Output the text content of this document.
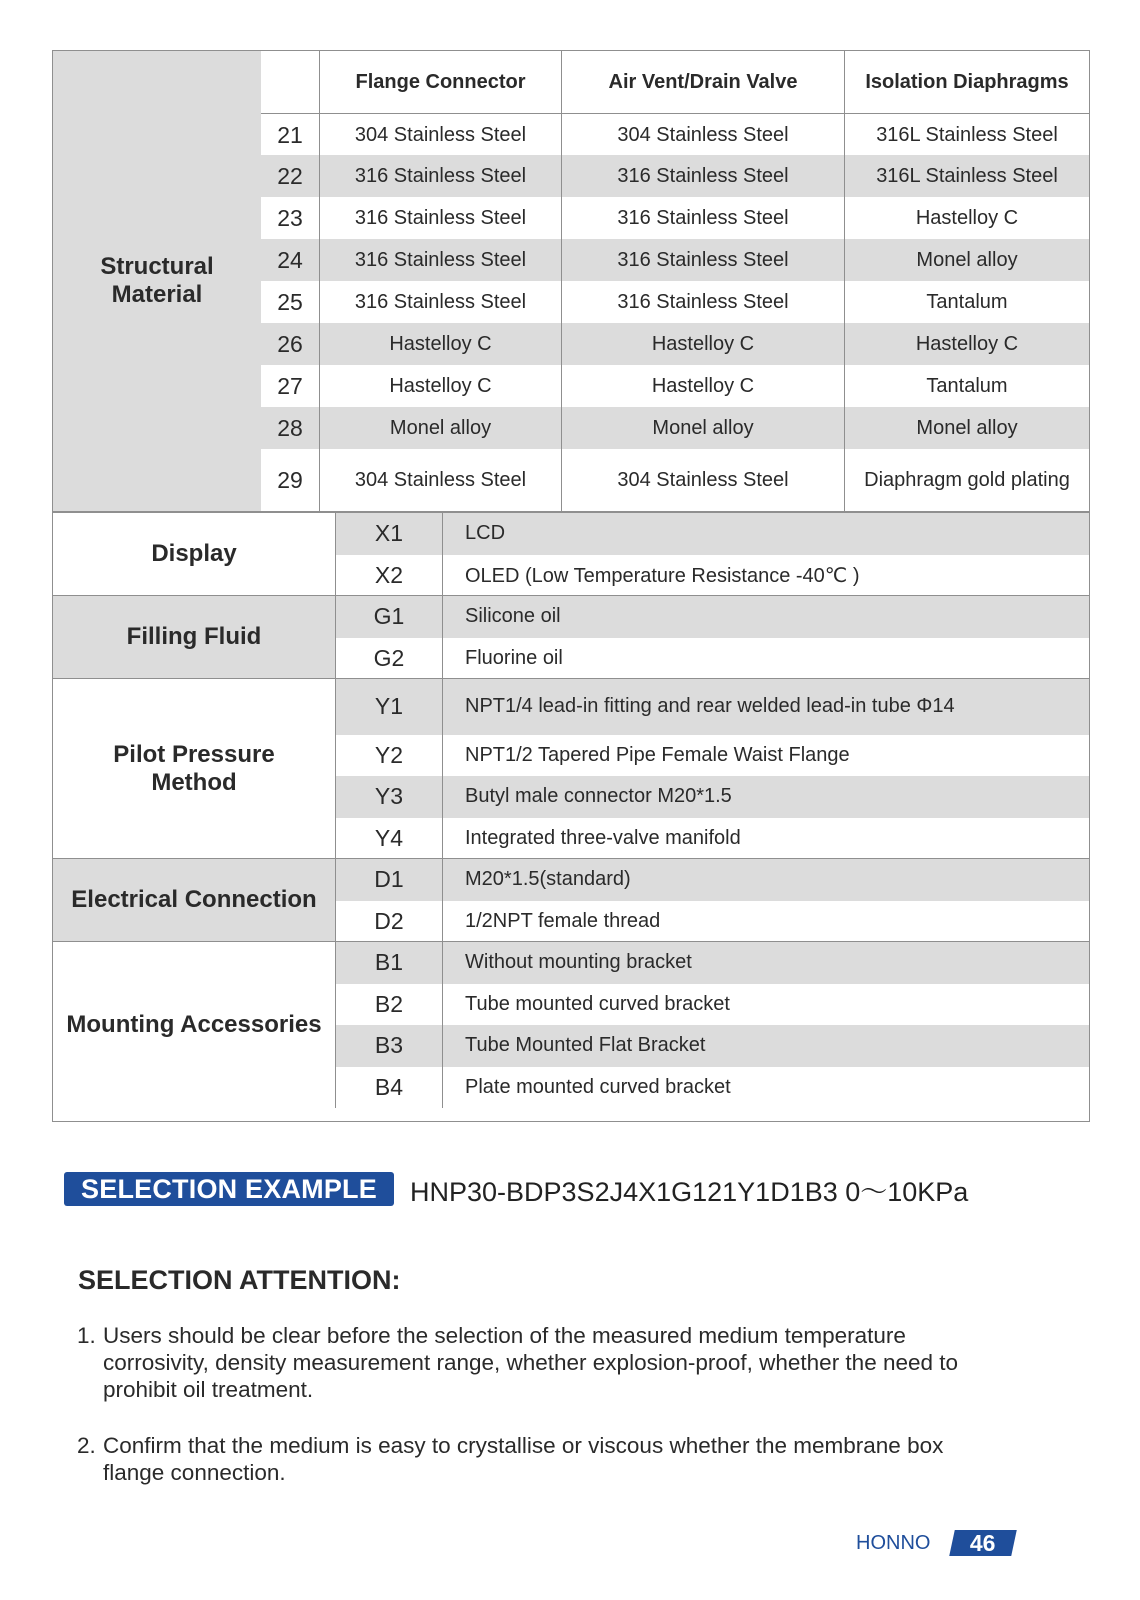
Structural
Material
Flange Connector	Air Vent/Drain Valve	Isolation Diaphragms
21	304 Stainless Steel	304 Stainless Steel	316L Stainless Steel
22	316 Stainless Steel	316 Stainless Steel	316L Stainless Steel
23	316 Stainless Steel	316 Stainless Steel	Hastelloy C
24	316 Stainless Steel	316 Stainless Steel	Monel alloy
25	316 Stainless Steel	316 Stainless Steel	Tantalum
26	Hastelloy C	Hastelloy C	Hastelloy C
27	Hastelloy C	Hastelloy C	Tantalum
28	Monel alloy	Monel alloy	Monel alloy
29	304 Stainless Steel	304 Stainless Steel	Diaphragm gold plating
Display
X1	LCD
X2	OLED (Low Temperature Resistance -40℃ )
Filling Fluid
G1	Silicone oil
G2	Fluorine oil
Pilot Pressure
Method
Y1	NPT1/4 lead-in fitting and rear welded lead-in tube Φ14
Y2	NPT1/2 Tapered Pipe Female Waist Flange
Y3	Butyl male connector M20*1.5
Y4	Integrated three-valve manifold
Electrical Connection
D1	M20*1.5(standard)
D2	1/2NPT female thread
Mounting Accessories
B1	Without mounting bracket
B2	Tube mounted curved bracket
B3	Tube Mounted Flat Bracket
B4	Plate mounted curved bracket
SELECTION EXAMPLE	HNP30-BDP3S2J4X1G121Y1D1B3 0～10KPa
SELECTION ATTENTION:
1. Users should be clear before the selection of the measured medium temperature corrosivity, density measurement range, whether explosion-proof, whether the need to prohibit oil treatment.
2. Confirm that the medium is easy to crystallise or viscous whether the membrane box flange connection.
HONNO 46
